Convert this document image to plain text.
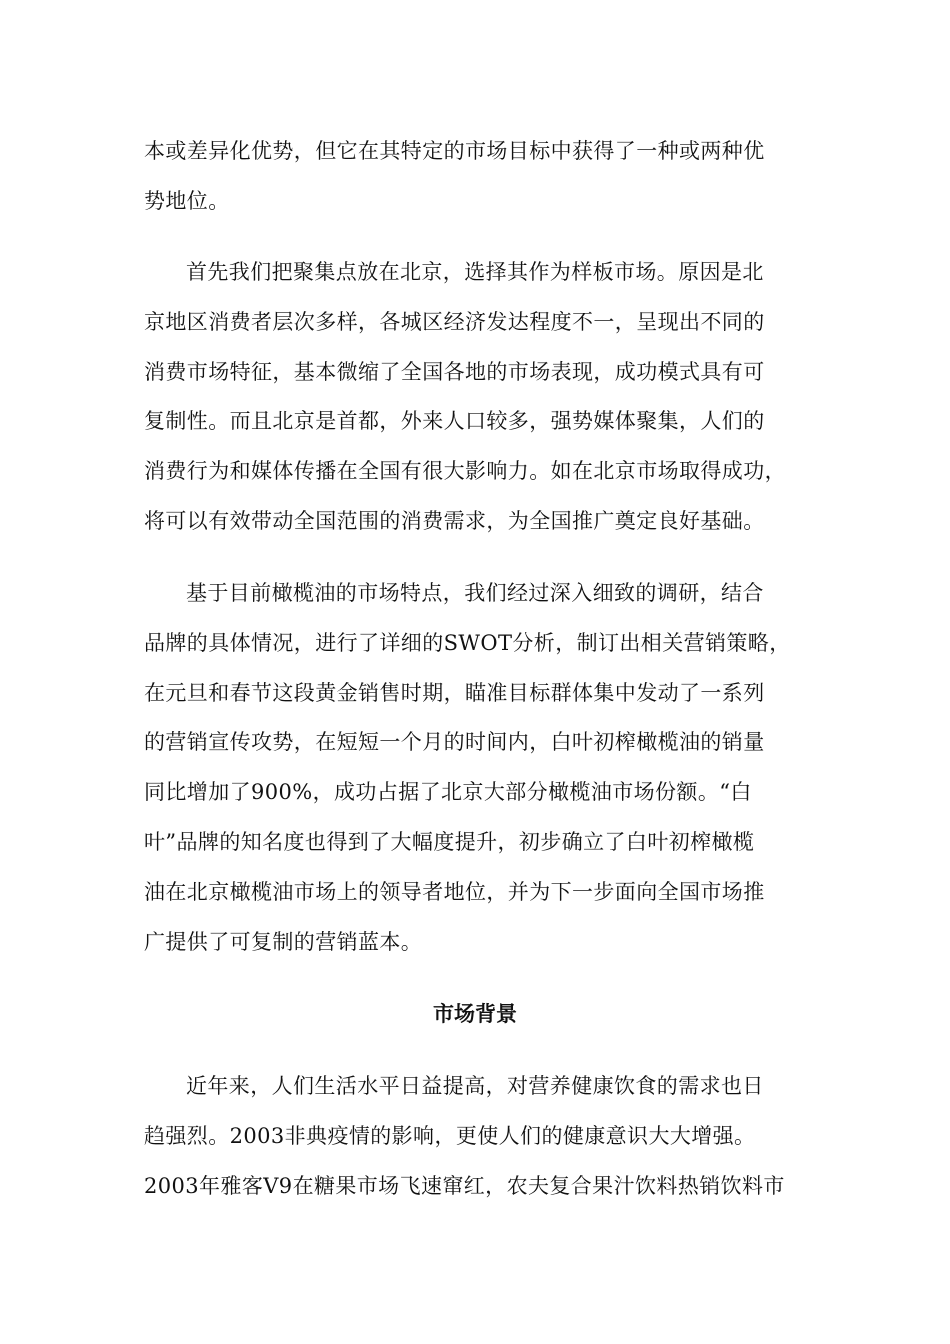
本或差异化优势，但它在其特定的市场目标中获得了一种或两种优
势地位。
首先我们把聚集点放在北京，选择其作为样板市场。原因是北
京地区消费者层次多样，各城区经济发达程度不一，呈现出不同的
消费市场特征，基本微缩了全国各地的市场表现，成功模式具有可
复制性。而且北京是首都，外来人口较多，强势媒体聚集，人们的
消费行为和媒体传播在全国有很大影响力。如在北京市场取得成功，
将可以有效带动全国范围的消费需求，为全国推广奠定良好基础。
基于目前橄榄油的市场特点，我们经过深入细致的调研，结合
品牌的具体情况，进行了详细的SWOT分析，制订出相关营销策略，
在元旦和春节这段黄金销售时期，瞄准目标群体集中发动了一系列
的营销宣传攻势，在短短一个月的时间内，白叶初榨橄榄油的销量
同比增加了900%，成功占据了北京大部分橄榄油市场份额。“白
叶”品牌的知名度也得到了大幅度提升，初步确立了白叶初榨橄榄
油在北京橄榄油市场上的领导者地位，并为下一步面向全国市场推
广提供了可复制的营销蓝本。
市场背景
近年来，人们生活水平日益提高，对营养健康饮食的需求也日
趋强烈。2003非典疫情的影响，更使人们的健康意识大大增强。
2003年雅客V9在糖果市场飞速窜红，农夫复合果汁饮料热销饮料市
